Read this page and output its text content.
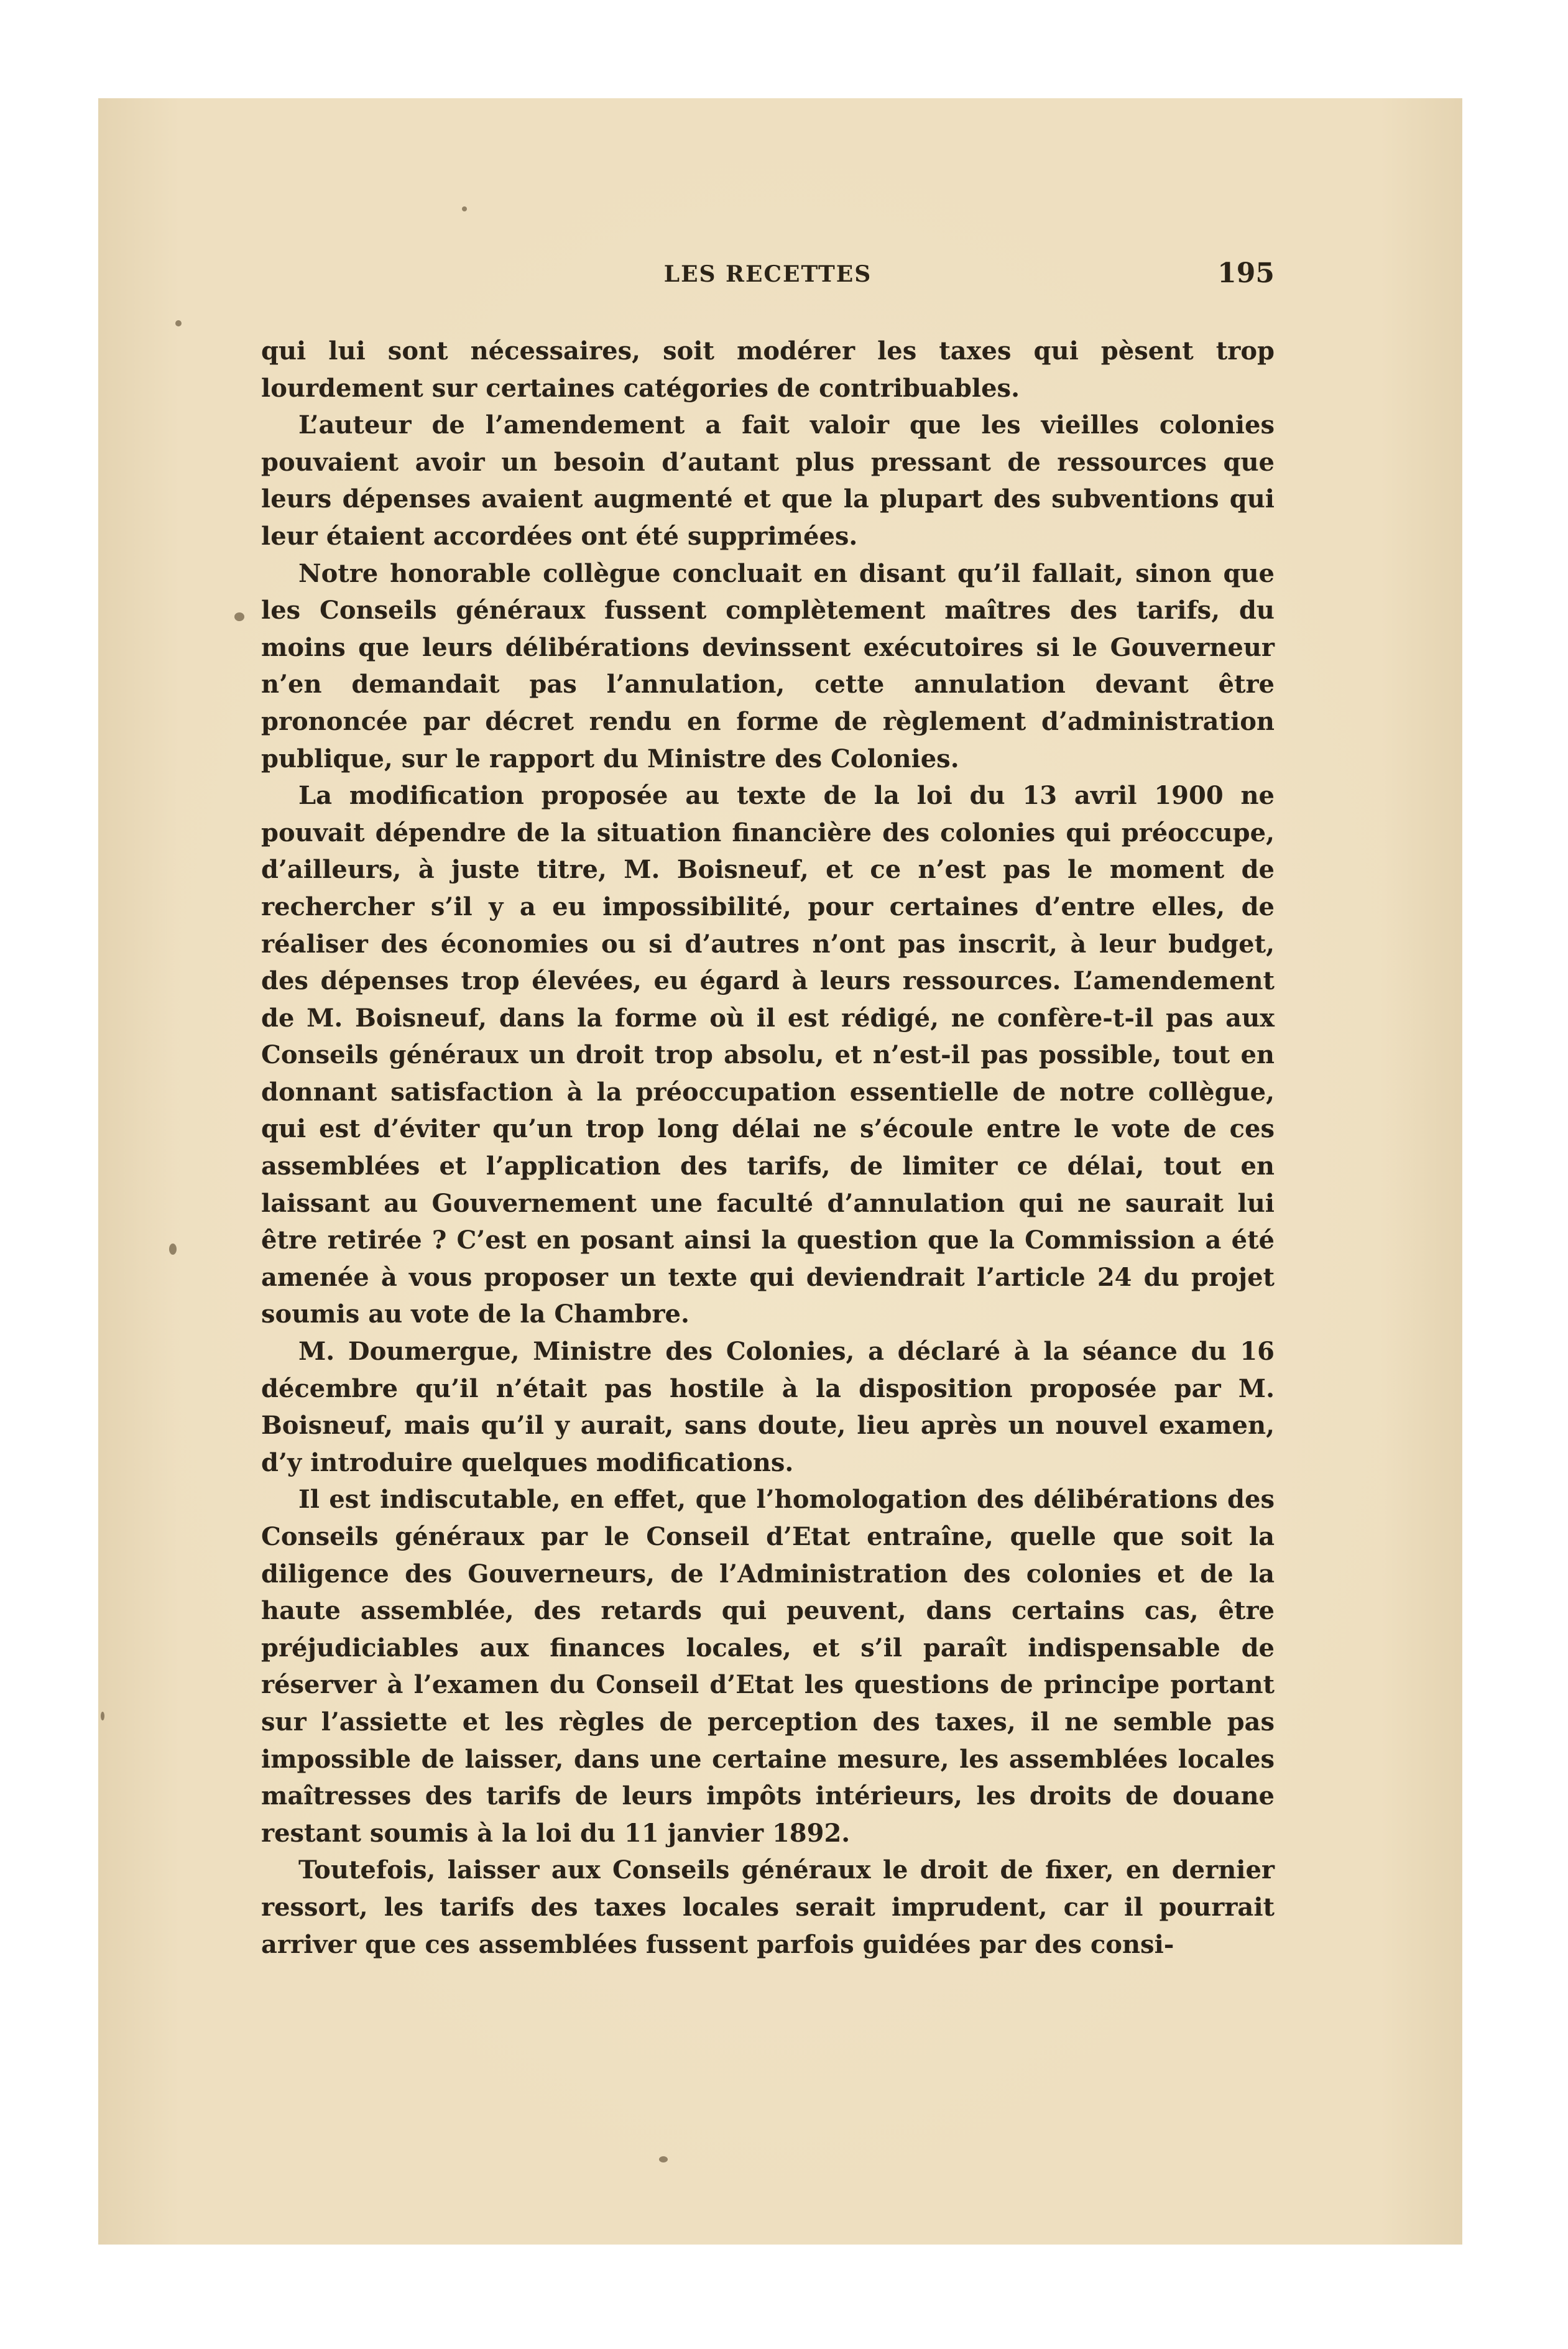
LES RECETTES	195

qui lui sont nécessaires, soit modérer les taxes qui pèsent trop lourdement sur certaines catégories de contribuables.

L’auteur de l’amendement a fait valoir que les vieilles colonies pouvaient avoir un besoin d’autant plus pressant de ressources que leurs dépenses avaient augmenté et que la plupart des subventions qui leur étaient accordées ont été supprimées.

Notre honorable collègue concluait en disant qu’il fallait, sinon que les Conseils généraux fussent complètement maîtres des tarifs, du moins que leurs délibérations devinssent exécutoires si le Gouverneur n’en demandait pas l’annulation, cette annulation devant être prononcée par décret rendu en forme de règlement d’administration publique, sur le rapport du Ministre des Colonies.

La modification proposée au texte de la loi du 13 avril 1900 ne pouvait dépendre de la situation financière des colonies qui préoccupe, d’ailleurs, à juste titre, M. Boisneuf, et ce n’est pas le moment de rechercher s’il y a eu impossibilité, pour certaines d’entre elles, de réaliser des économies ou si d’autres n’ont pas inscrit, à leur budget, des dépenses trop élevées, eu égard à leurs ressources. L’amendement de M. Boisneuf, dans la forme où il est rédigé, ne confère-t-il pas aux Conseils généraux un droit trop absolu, et n’est-il pas possible, tout en donnant satisfaction à la préoccupation essentielle de notre collègue, qui est d’éviter qu’un trop long délai ne s’écoule entre le vote de ces assemblées et l’application des tarifs, de limiter ce délai, tout en laissant au Gouvernement une faculté d’annulation qui ne saurait lui être retirée ? C’est en posant ainsi la question que la Commission a été amenée à vous proposer un texte qui deviendrait l’article 24 du projet soumis au vote de la Chambre.

M. Doumergue, Ministre des Colonies, a déclaré à la séance du 16 décembre qu’il n’était pas hostile à la disposition proposée par M. Boisneuf, mais qu’il y aurait, sans doute, lieu après un nouvel examen, d’y introduire quelques modifications.

Il est indiscutable, en effet, que l’homologation des délibérations des Conseils généraux par le Conseil d’Etat entraîne, quelle que soit la diligence des Gouverneurs, de l’Administration des colonies et de la haute assemblée, des retards qui peuvent, dans certains cas, être préjudiciables aux finances locales, et s’il paraît indispensable de réserver à l’examen du Conseil d’Etat les questions de principe portant sur l’assiette et les règles de perception des taxes, il ne semble pas impossible de laisser, dans une certaine mesure, les assemblées locales maîtresses des tarifs de leurs impôts intérieurs, les droits de douane restant soumis à la loi du 11 janvier 1892.

Toutefois, laisser aux Conseils généraux le droit de fixer, en dernier ressort, les tarifs des taxes locales serait imprudent, car il pourrait arriver que ces assemblées fussent parfois guidées par des consi-
